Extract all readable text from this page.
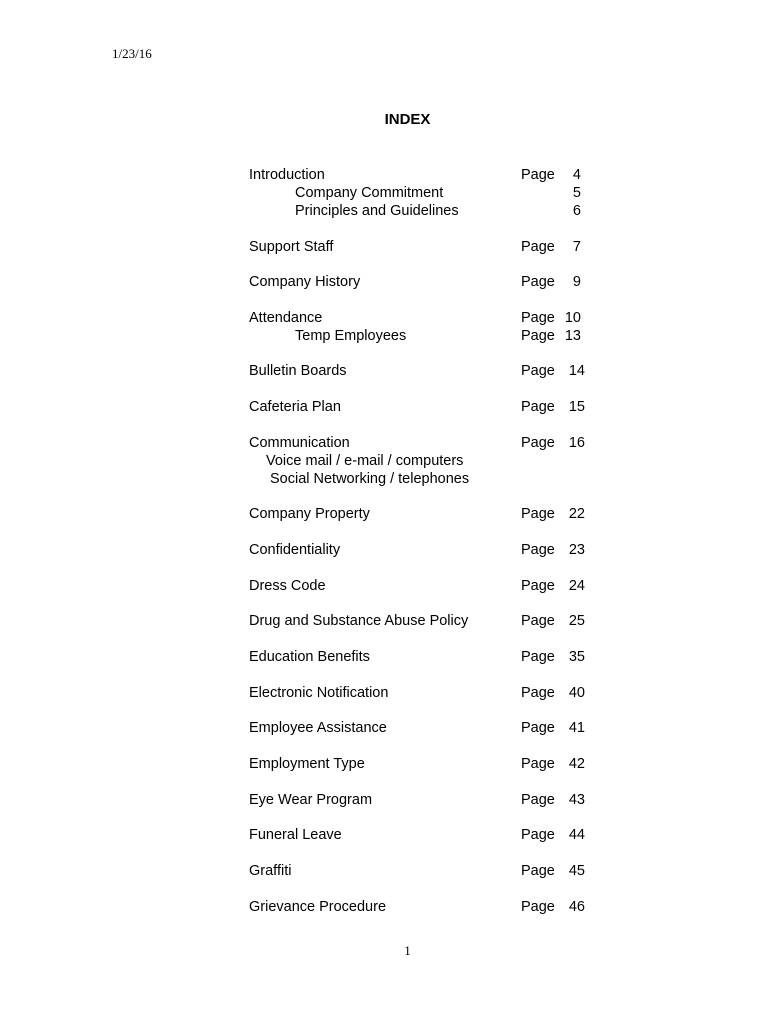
1/23/16
INDEX
Introduction	Page 4
Company Commitment	5
Principles and Guidelines	6
Support Staff	Page 7
Company History	Page 9
Attendance	Page 10
Temp Employees	Page 13
Bulletin Boards	Page 14
Cafeteria Plan	Page 15
Communication	Page 16
Voice mail / e-mail / computers
Social Networking / telephones
Company Property	Page 22
Confidentiality	Page 23
Dress Code	Page 24
Drug and Substance Abuse Policy	Page 25
Education Benefits	Page 35
Electronic Notification	Page 40
Employee Assistance	Page 41
Employment Type	Page 42
Eye Wear Program	Page 43
Funeral Leave	Page 44
Graffiti	Page 45
Grievance Procedure	Page 46
1
